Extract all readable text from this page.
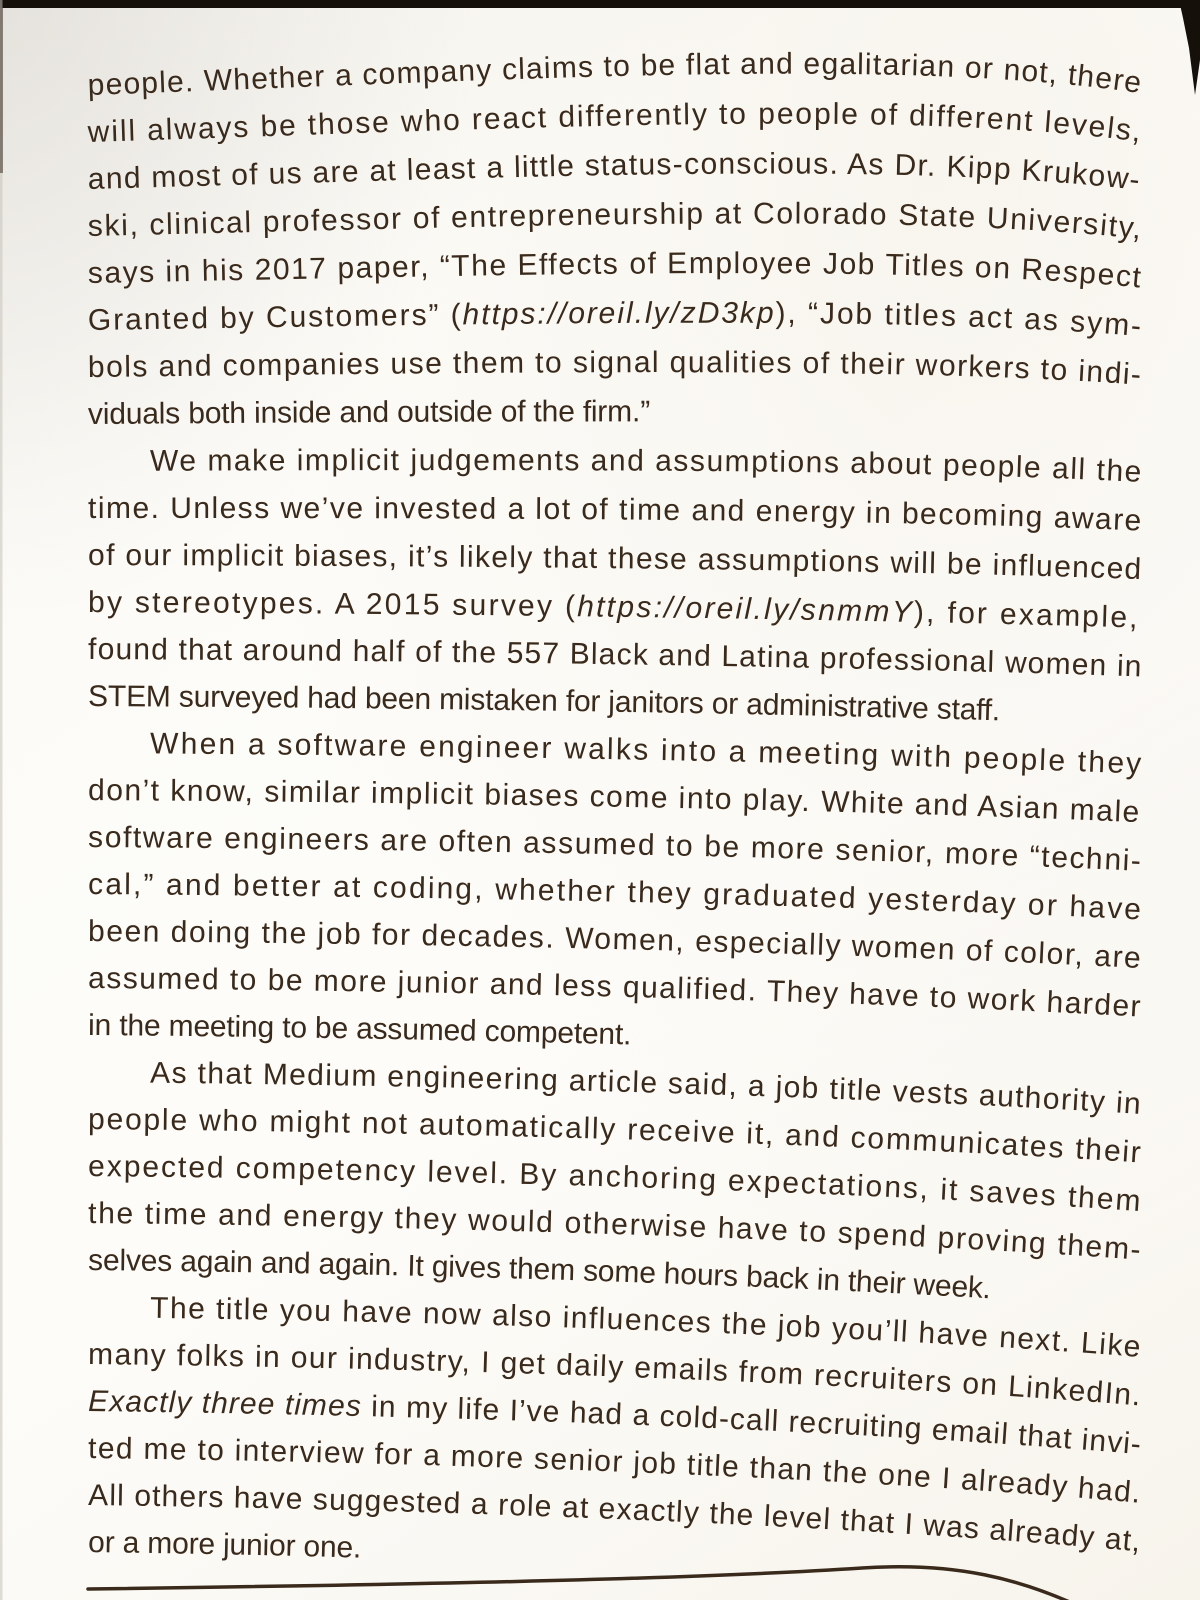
people. Whether a company claims to be flat and egalitarian or not, there
will always be those who react differently to people of different levels,
and most of us are at least a little status-conscious. As Dr. Kipp Krukow-
ski, clinical professor of entrepreneurship at Colorado State University,
says in his 2017 paper, “The Effects of Employee Job Titles on Respect
Granted by Customers” (https://oreil.ly/zD3kp), “Job titles act as sym-
bols and companies use them to signal qualities of their workers to indi-
viduals both inside and outside of the firm.”
We make implicit judgements and assumptions about people all the
time. Unless we’ve invested a lot of time and energy in becoming aware
of our implicit biases, it’s likely that these assumptions will be influenced
by stereotypes. A 2015 survey (https://oreil.ly/snmmY), for example,
found that around half of the 557 Black and Latina professional women in
STEM surveyed had been mistaken for janitors or administrative staff.
When a software engineer walks into a meeting with people they
don’t know, similar implicit biases come into play. White and Asian male
software engineers are often assumed to be more senior, more “techni-
cal,” and better at coding, whether they graduated yesterday or have
been doing the job for decades. Women, especially women of color, are
assumed to be more junior and less qualified. They have to work harder
in the meeting to be assumed competent.
As that Medium engineering article said, a job title vests authority in
people who might not automatically receive it, and communicates their
expected competency level. By anchoring expectations, it saves them
the time and energy they would otherwise have to spend proving them-
selves again and again. It gives them some hours back in their week.
The title you have now also influences the job you’ll have next. Like
many folks in our industry, I get daily emails from recruiters on LinkedIn.
Exactly three times in my life I’ve had a cold-call recruiting email that invi-
ted me to interview for a more senior job title than the one I already had.
All others have suggested a role at exactly the level that I was already at,
or a more junior one.
